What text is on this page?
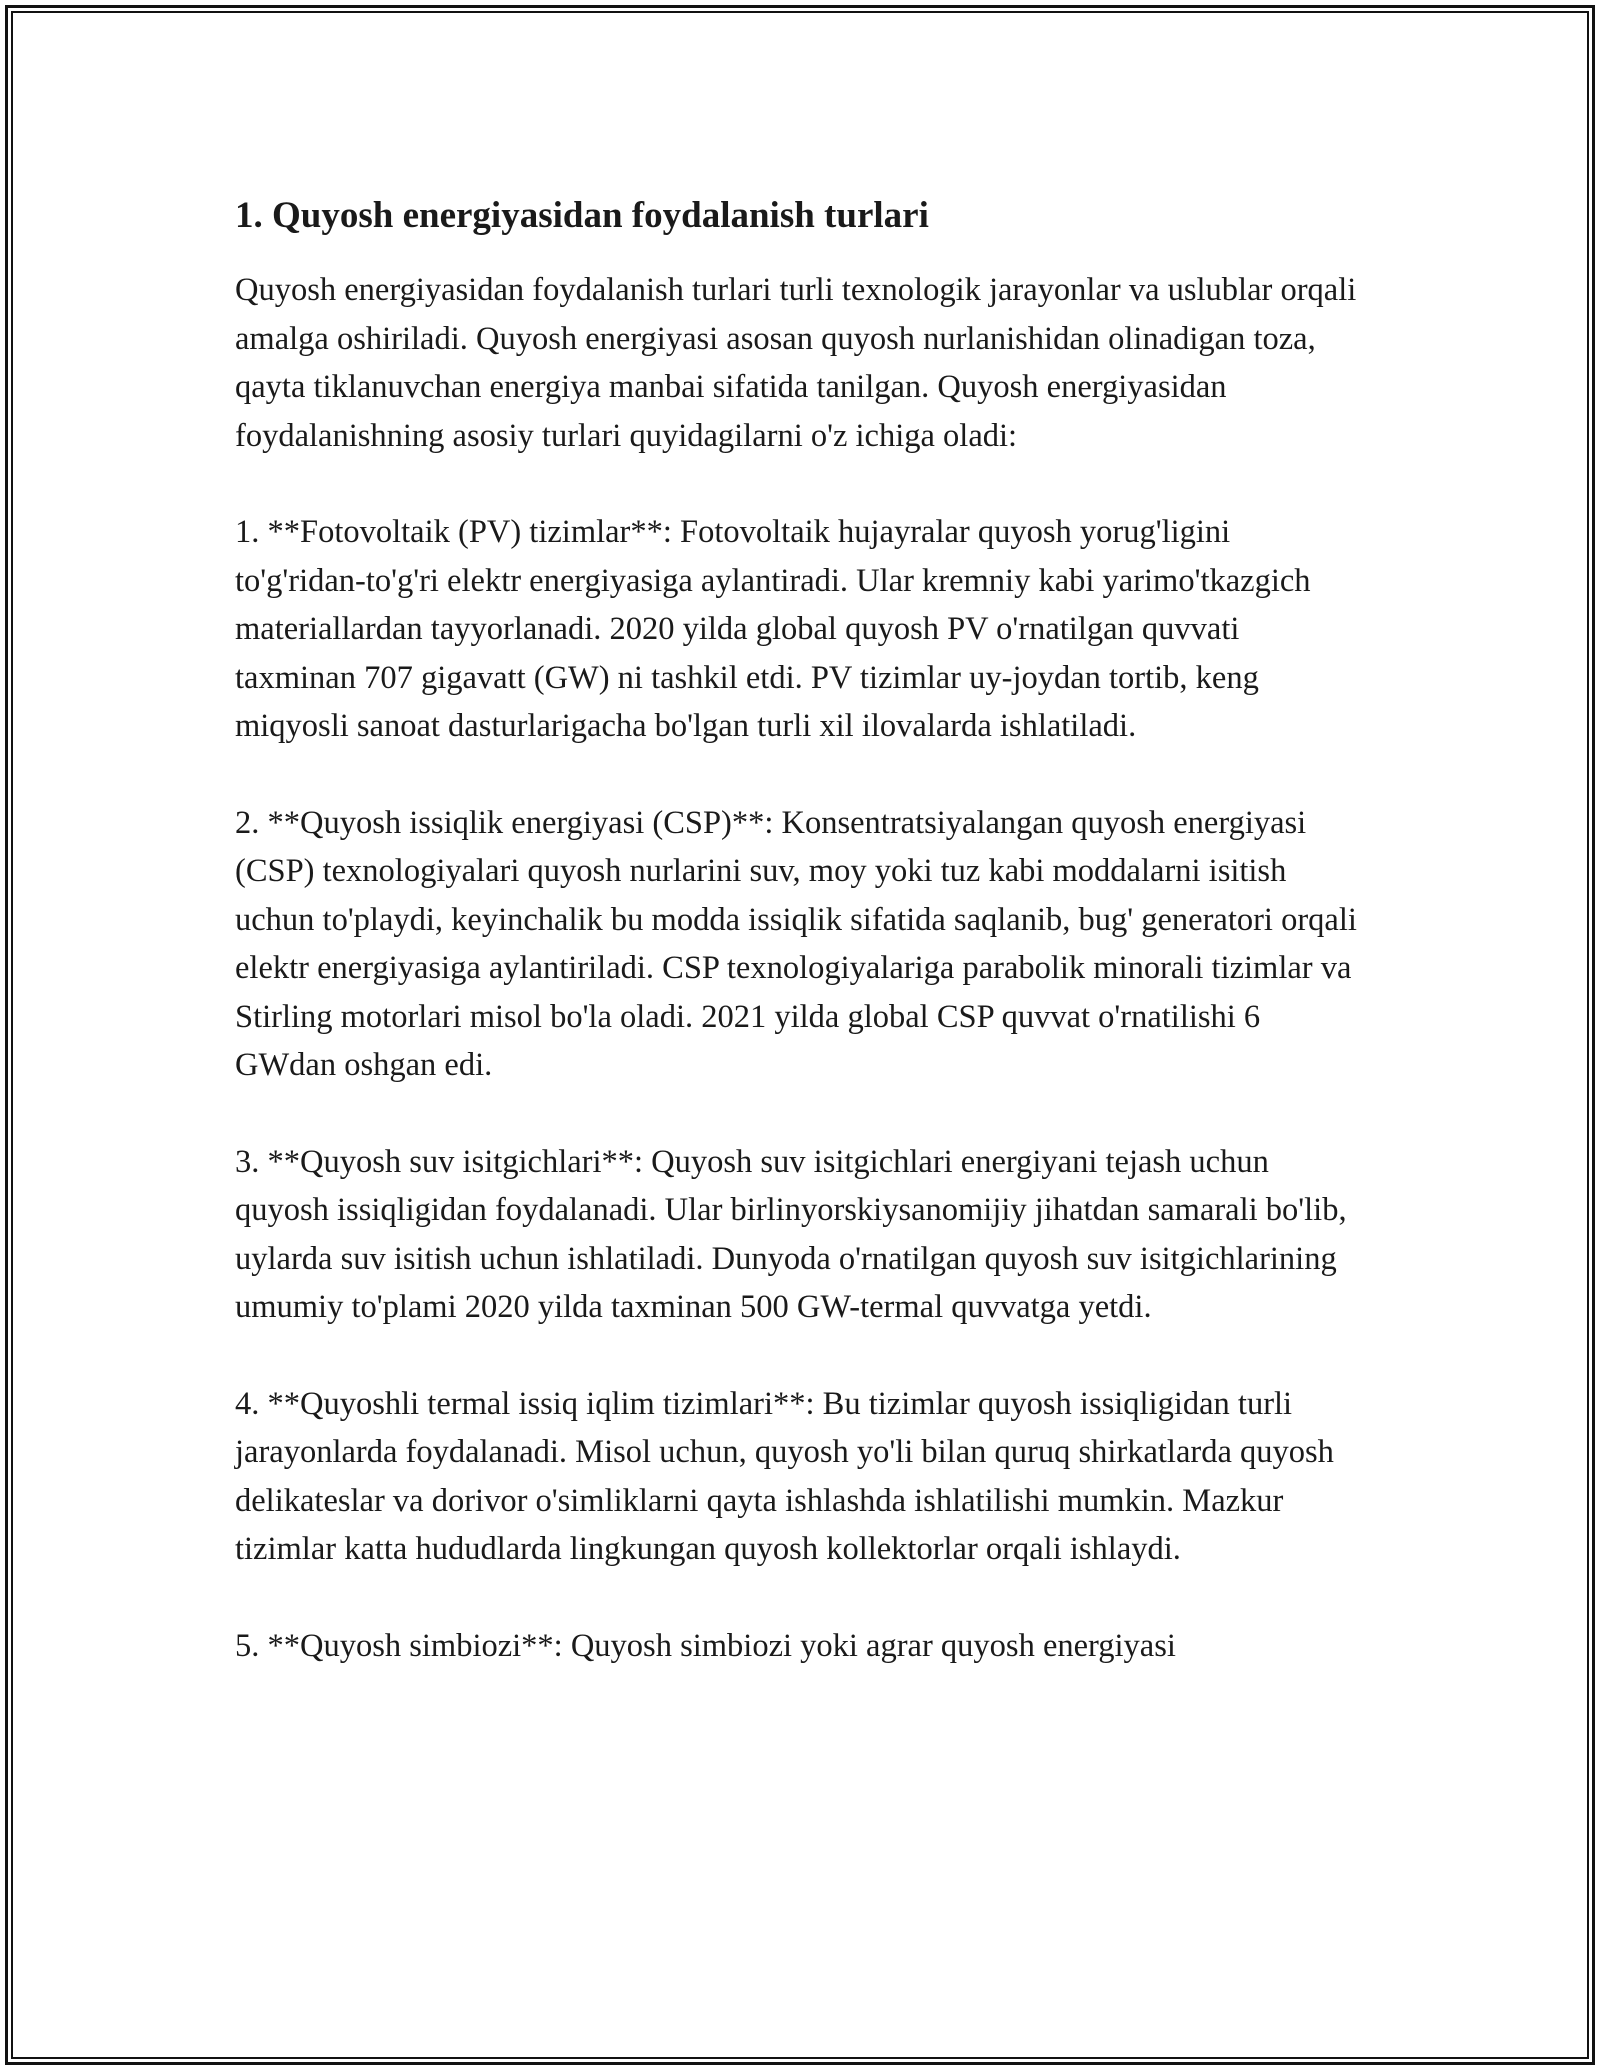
1. Quyosh energiyasidan foydalanish turlari

Quyosh energiyasidan foydalanish turlari turli texnologik jarayonlar va uslublar orqali amalga oshiriladi. Quyosh energiyasi asosan quyosh nurlanishidan olinadigan toza, qayta tiklanuvchan energiya manbai sifatida tanilgan. Quyosh energiyasidan foydalanishning asosiy turlari quyidagilarni o'z ichiga oladi:

1. **Fotovoltaik (PV) tizimlar**: Fotovoltaik hujayralar quyosh yorug'ligini to'g'ridan-to'g'ri elektr energiyasiga aylantiradi. Ular kremniy kabi yarimo'tkazgich materiallardan tayyorlanadi. 2020 yilda global quyosh PV o'rnatilgan quvvati taxminan 707 gigavatt (GW) ni tashkil etdi. PV tizimlar uy-joydan tortib, keng miqyosli sanoat dasturlarigacha bo'lgan turli xil ilovalarda ishlatiladi.

2. **Quyosh issiqlik energiyasi (CSP)**: Konsentratsiyalangan quyosh energiyasi (CSP) texnologiyalari quyosh nurlarini suv, moy yoki tuz kabi moddalarni isitish uchun to'playdi, keyinchalik bu modda issiqlik sifatida saqlanib, bug' generatori orqali elektr energiyasiga aylantiriladi. CSP texnologiyalariga parabolik minorali tizimlar va Stirling motorlari misol bo'la oladi. 2021 yilda global CSP quvvat o'rnatilishi 6 GWdan oshgan edi.

3. **Quyosh suv isitgichlari**: Quyosh suv isitgichlari energiyani tejash uchun quyosh issiqligidan foydalanadi. Ular birlinyorskiysanomijiy jihatdan samarali bo'lib, uylarda suv isitish uchun ishlatiladi. Dunyoda o'rnatilgan quyosh suv isitgichlarining umumiy to'plami 2020 yilda taxminan 500 GW-termal quvvatga yetdi.

4. **Quyoshli termal issiq iqlim tizimlari**: Bu tizimlar quyosh issiqligidan turli jarayonlarda foydalanadi. Misol uchun, quyosh yo'li bilan quruq shirkatlarda quyosh delikateslar va dorivor o'simliklarni qayta ishlashda ishlatilishi mumkin. Mazkur tizimlar katta hududlarda lingkungan quyosh kollektorlar orqali ishlaydi.

5. **Quyosh simbiozi**: Quyosh simbiozi yoki agrar quyosh energiyasi
